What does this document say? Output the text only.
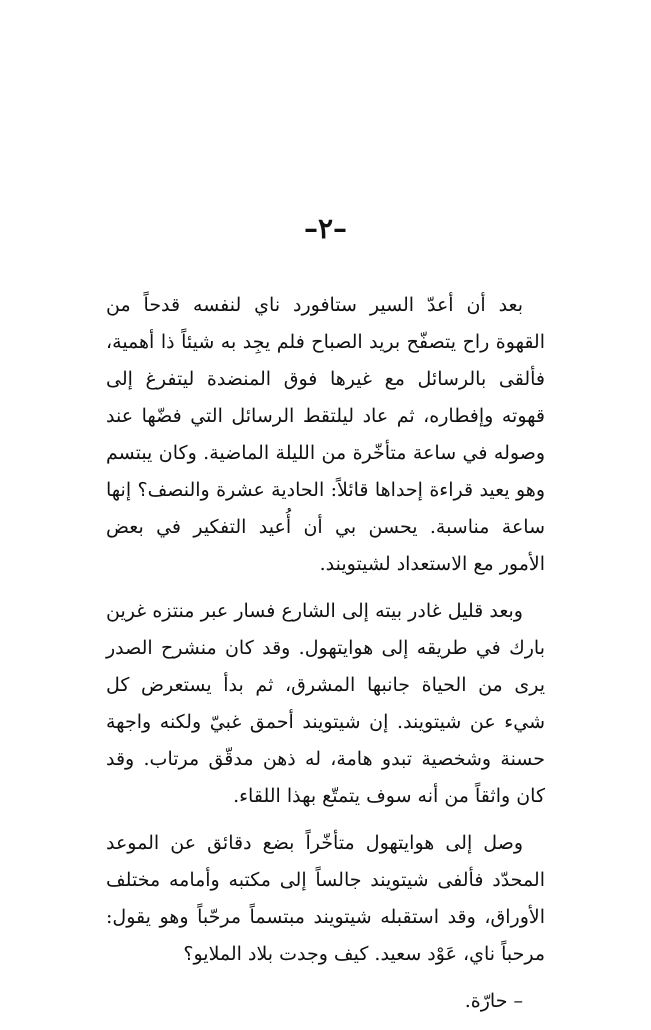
–٢–

بعد أن أعدّ السير ستافورد ناي لنفسه قدحاً من القهوة راح يتصفّح بريد الصباح فلم يجِد به شيئاً ذا أهمية، فألقى بالرسائل مع غيرها فوق المنضدة ليتفرغ إلى قهوته وإفطاره، ثم عاد ليلتقط الرسائل التي فضّها عند وصوله في ساعة متأخّرة من الليلة الماضية. وكان يبتسم وهو يعيد قراءة إحداها قائلاً: الحادية عشرة والنصف؟ إنها ساعة مناسبة. يحسن بي أن أُعيد التفكير في بعض الأمور مع الاستعداد لشيتويند.

وبعد قليل غادر بيته إلى الشارع فسار عبر منتزه غرين بارك في طريقه إلى هوايتهول. وقد كان منشرح الصدر يرى من الحياة جانبها المشرق، ثم بدأ يستعرض كل شيء عن شيتويند. إن شيتويند أحمق غبيّ ولكنه واجهة حسنة وشخصية تبدو هامة، له ذهن مدقّق مرتاب. وقد كان واثقاً من أنه سوف يتمتّع بهذا اللقاء.

وصل إلى هوايتهول متأخّراً بضع دقائق عن الموعد المحدّد فألفى شيتويند جالساً إلى مكتبه وأمامه مختلف الأوراق، وقد استقبله شيتويند مبتسماً مرحّباً وهو يقول: مرحباً ناي، عَوْد سعيد. كيف وجدت بلاد الملايو؟

– حارّة.
